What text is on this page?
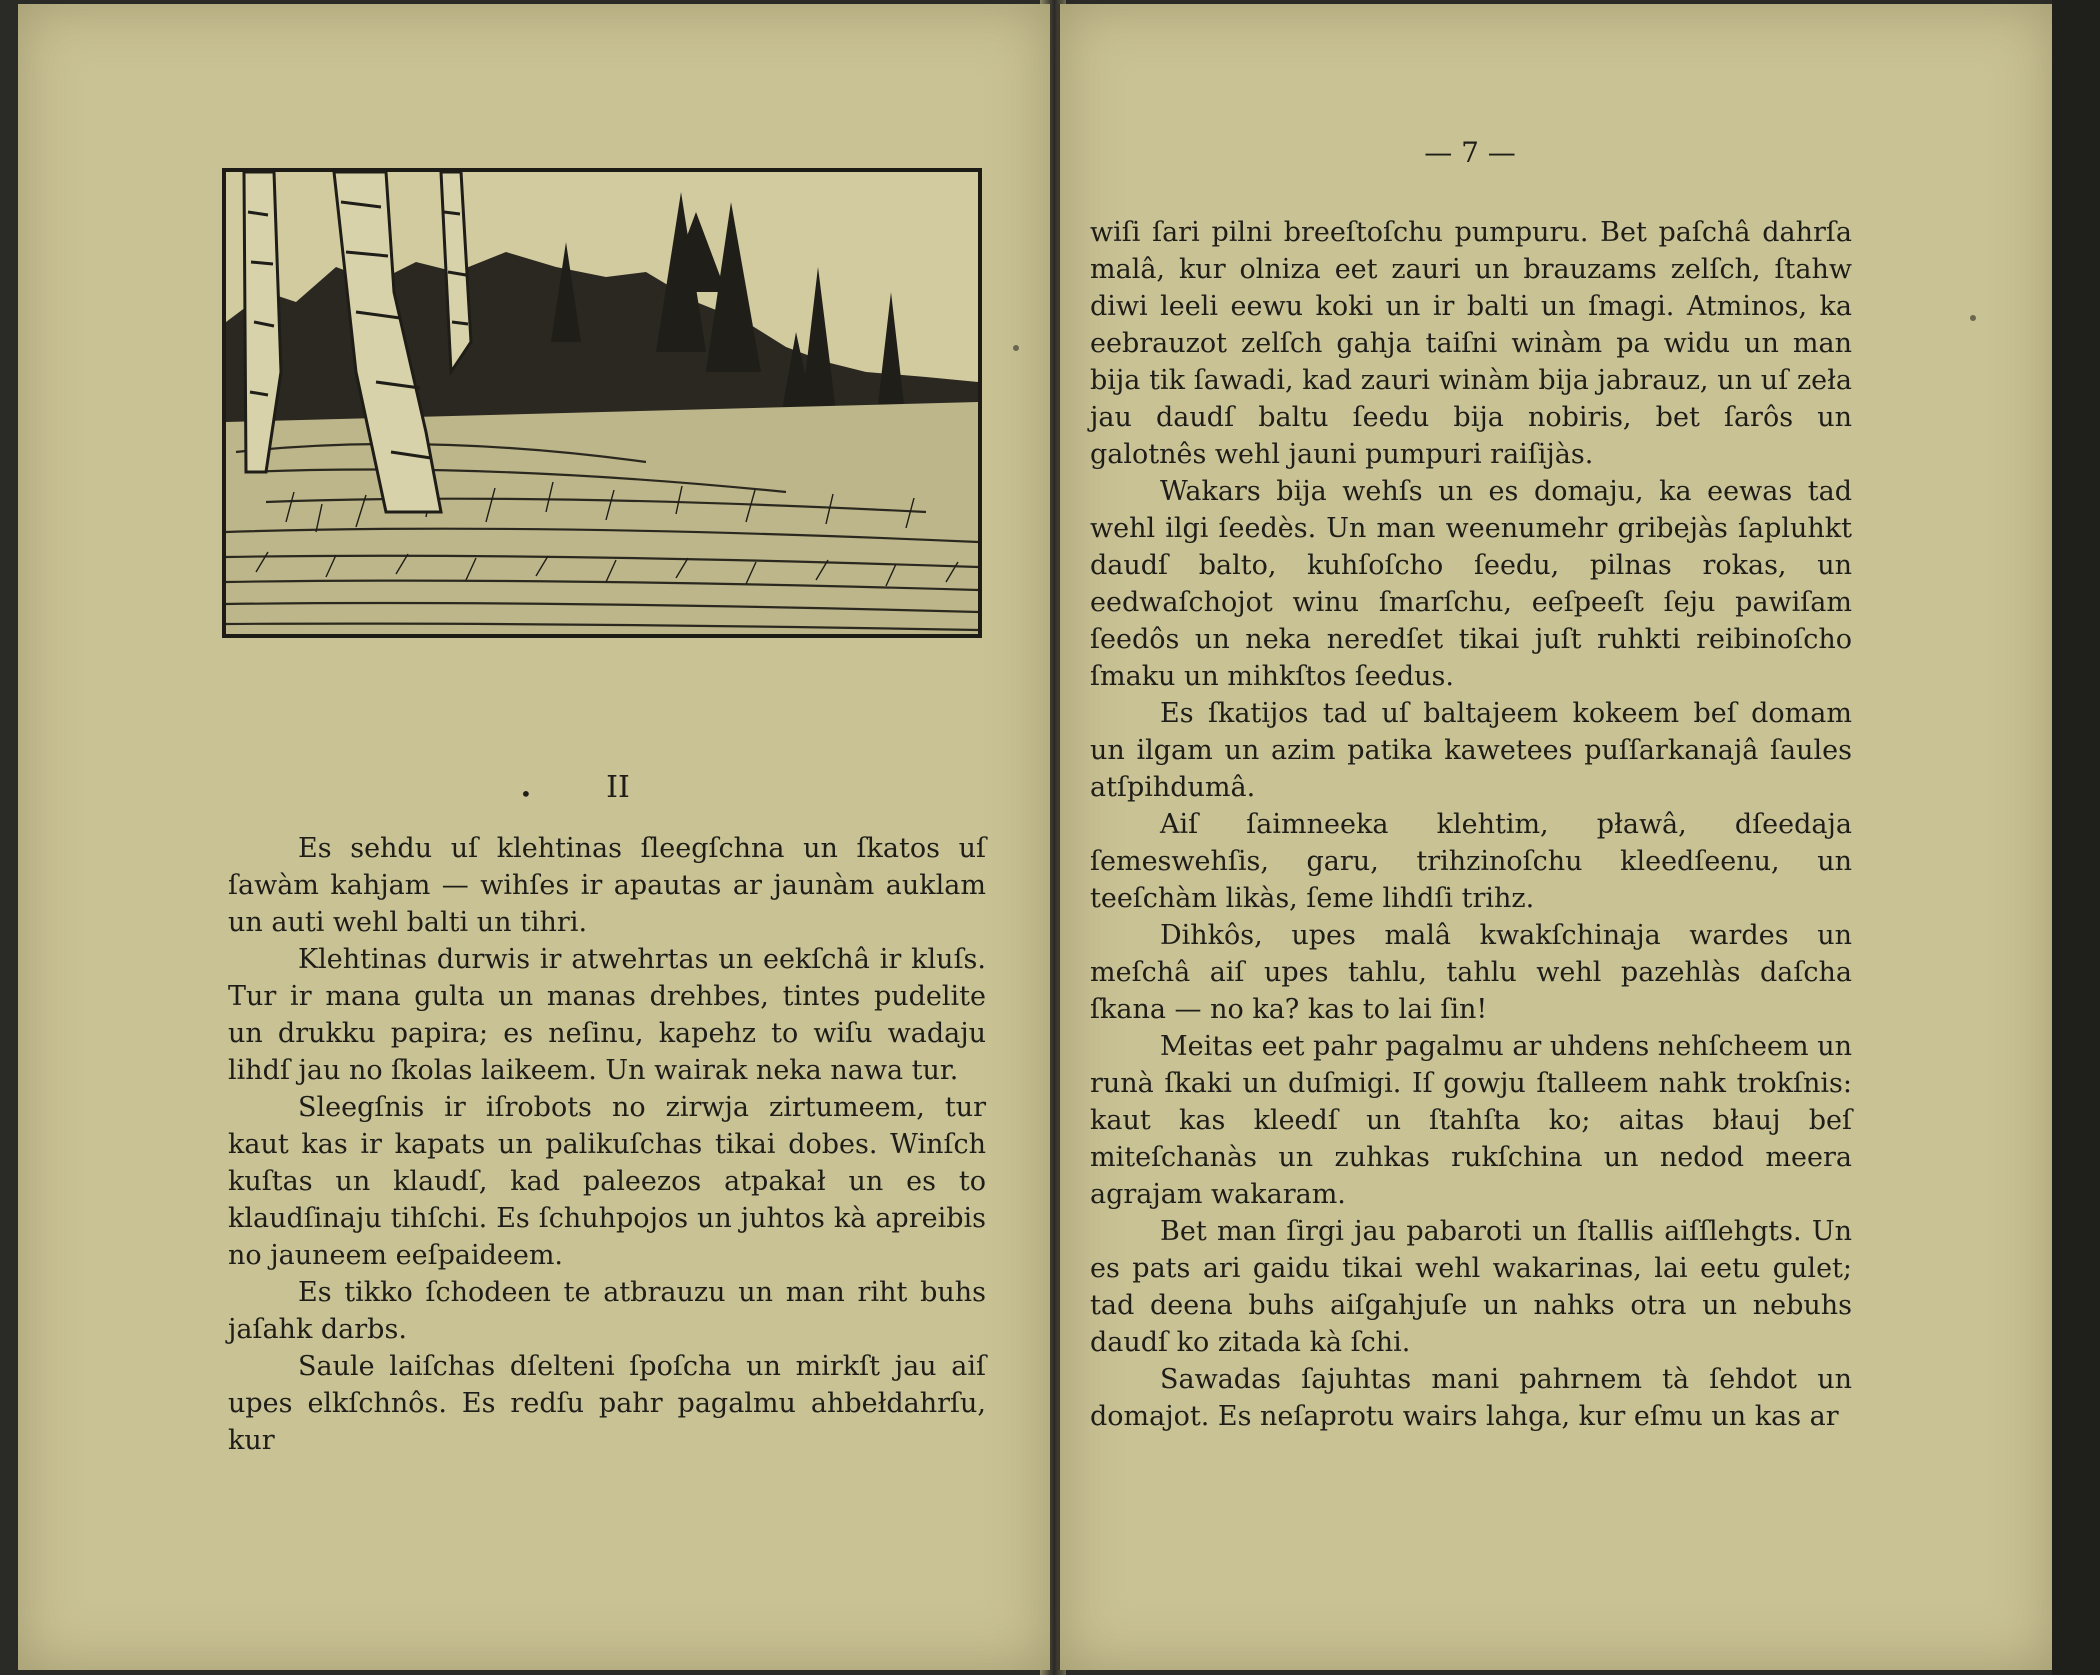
•	II

Es sehdu uſ klehtinas ſleegſchna un ſkatos uſ ſawàm kahjam — wihſes ir apautas ar jaunàm auklam un auti wehl balti un tihri.

Klehtinas durwis ir atwehrtas un eekſchâ ir kluſs. Tur ir mana gulta un manas drehbes, tintes pudelite un drukku papira; es neſinu, kapehz to wiſu wadaju lihdſ jau no ſkolas laikeem. Un wairak neka nawa tur.

Sleegſnis ir iſrobots no zirwja zirtumeem, tur kaut kas ir kapats un palikuſchas tikai dobes. Winſch kuſtas un klaudſ, kad paleezos atpakał un es to klaudſinaju tihſchi. Es ſchuhpojos un juhtos kà apreibis no jauneem eeſpaideem.

Es tikko ſchodeen te atbrauzu un man riht buhs jaſahk darbs.

Saule laiſchas dſelteni ſpoſcha un mirkſt jau aiſ upes elkſchnôs. Es redſu pahr pagalmu ahbełdahrſu, kur

— 7 —

wiſi ſari pilni breeſtoſchu pumpuru. Bet paſchâ dahrſa malâ, kur olniza eet zauri un brauzams zelſch, ſtahw diwi leeli eewu koki un ir balti un ſmagi. Atminos, ka eebrauzot zelſch gahja taiſni winàm pa widu un man bija tik ſawadi, kad zauri winàm bija jabrauz, un uſ zeła jau daudſ baltu ſeedu bija nobiris, bet ſarôs un galotnês wehl jauni pumpuri raiſijàs.

Wakars bija wehſs un es domaju, ka eewas tad wehl ilgi ſeedès. Un man weenumehr gribejàs ſapluhkt daudſ balto, kuhſoſcho ſeedu, pilnas rokas, un eedwaſchojot winu ſmarſchu, eeſpeeſt ſeju pawiſam ſeedôs un neka neredſet tikai juſt ruhkti reibinoſcho ſmaku un mihkſtos ſeedus.

Es ſkatijos tad uſ baltajeem kokeem beſ domam un ilgam un azim patika kawetees puſſarkanajâ ſaules atſpihdumâ.

Aiſ ſaimneeka klehtim, pławâ, dſeedaja ſemeswehſis, garu, trihzinoſchu kleedſeenu, un teeſchàm likàs, ſeme lihdſi trihz.

Dihkôs, upes malâ kwakſchinaja wardes un meſchâ aiſ upes tahlu, tahlu wehl pazehlàs daſcha ſkana — no ka? kas to lai ſin!

Meitas eet pahr pagalmu ar uhdens nehſcheem un runà ſkaki un duſmigi. Iſ gowju ſtalleem nahk trokſnis: kaut kas kleedſ un ſtahſta ko; aitas błauj beſ miteſchanàs un zuhkas rukſchina un nedod meera agrajam wakaram.

Bet man ſirgi jau pabaroti un ſtallis aiſſlehgts. Un es pats ari gaidu tikai wehl wakarinas, lai eetu gulet; tad deena buhs aiſgahjuſe un nahks otra un nebuhs daudſ ko zitada kà ſchi.

Sawadas ſajuhtas mani pahrnem tà ſehdot un domajot. Es neſaprotu wairs lahga, kur eſmu un kas ar
